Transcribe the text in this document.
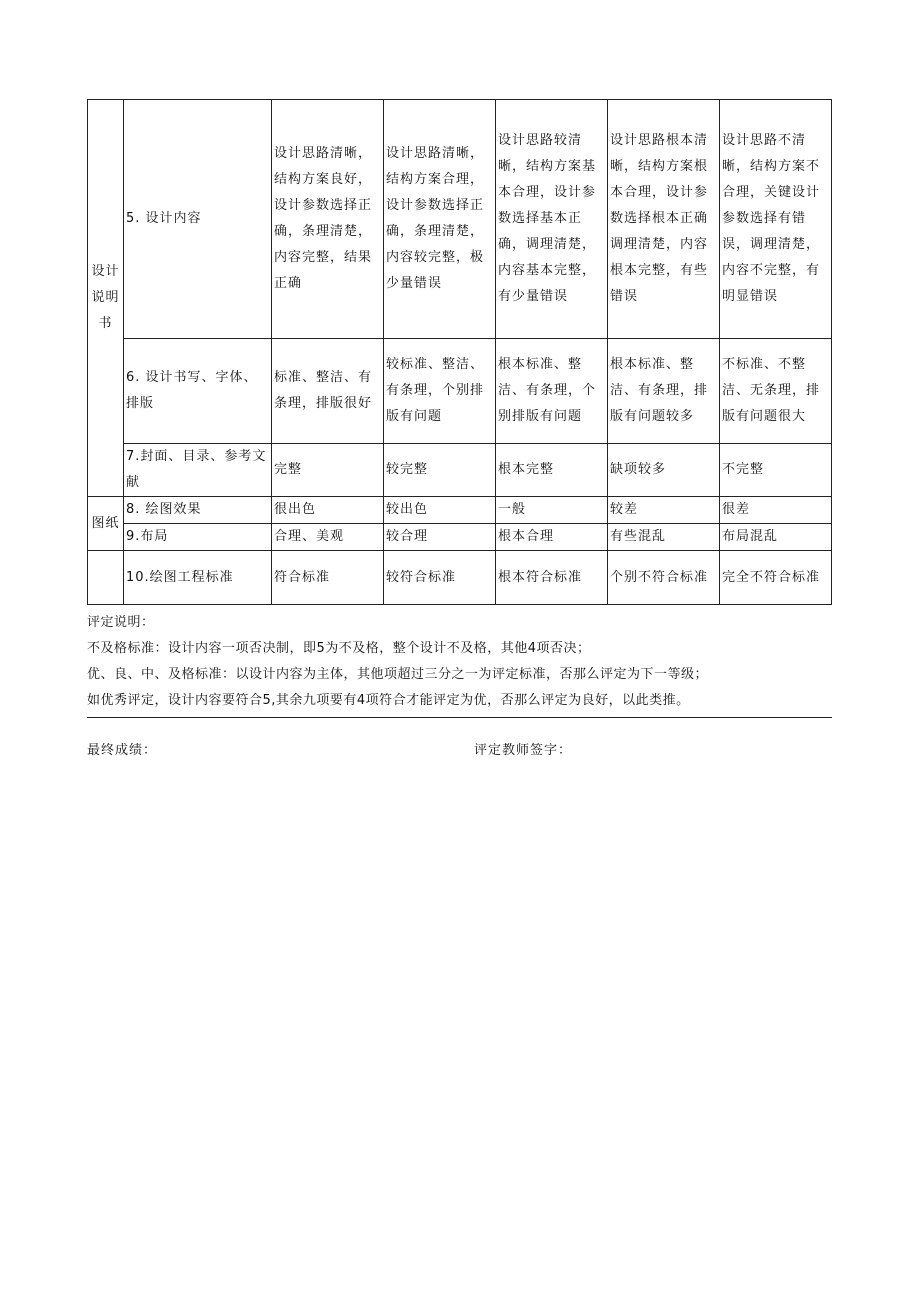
设计说明书	5. 设计内容	设计思路清晰，结构方案良好，设计参数选择正确，条理清楚，内容完整，结果正确	设计思路清晰，结构方案合理，设计参数选择正确，条理清楚，内容较完整，极少量错误	设计思路较清晰，结构方案基本合理，设计参数选择基本正确，调理清楚，内容基本完整，有少量错误	设计思路根本清晰，结构方案根本合理，设计参数选择根本正确调理清楚，内容根本完整，有些错误	设计思路不清晰，结构方案不合理，关键设计参数选择有错误，调理清楚，内容不完整，有明显错误
	6. 设计书写、字体、排版	标准、整洁、有条理，排版很好	较标准、整洁、有条理，个别排版有问题	根本标准、整洁、有条理，个别排版有问题	根本标准、整洁、有条理，排版有问题较多	不标准、不整洁、无条理，排版有问题很大
	7.封面、目录、参考文献	完整	较完整	根本完整	缺项较多	不完整
图纸	8. 绘图效果	很出色	较出色	一般	较差	很差
	9.布局	合理、美观	较合理	根本合理	有些混乱	布局混乱
	10.绘图工程标准	符合标准	较符合标准	根本符合标准	个别不符合标准	完全不符合标准
评定说明：
不及格标准：设计内容一项否决制，即5为不及格，整个设计不及格，其他4项否决；
优、良、中、及格标准：以设计内容为主体，其他项超过三分之一为评定标准，否那么评定为下一等级；
如优秀评定，设计内容要符合5,其余九项要有4项符合才能评定为优，否那么评定为良好，以此类推。
最终成绩：	评定教师签字：
